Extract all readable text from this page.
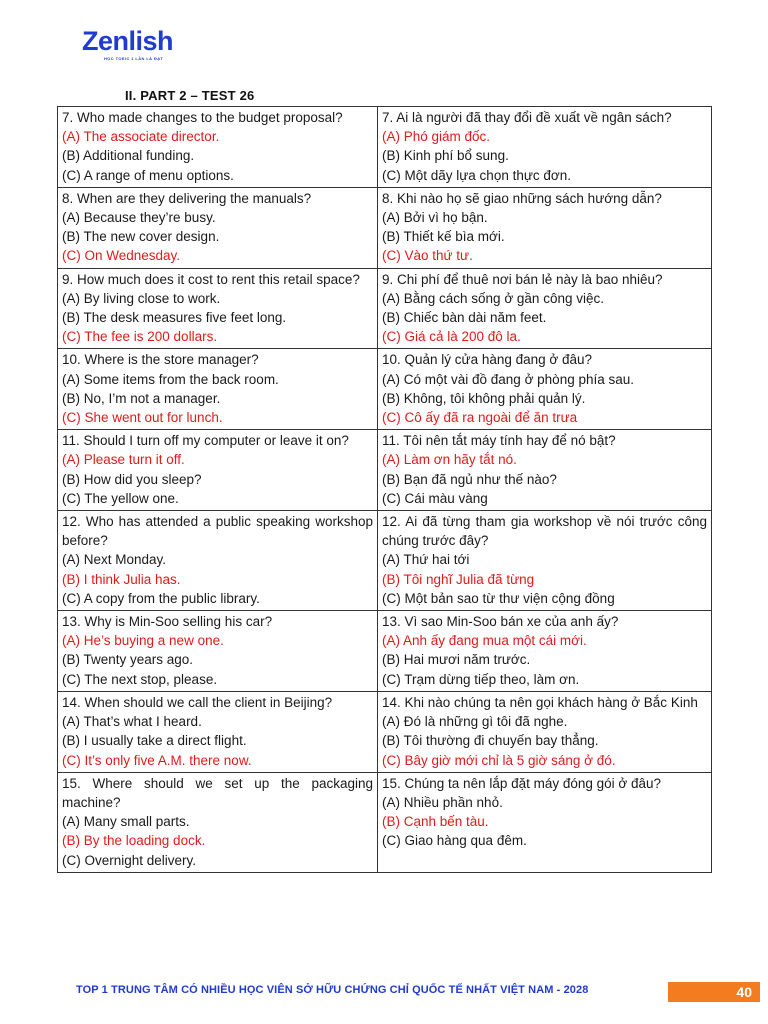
Zenlish
HỌC TOEIC 1 LẦN LÀ ĐẠT
II. PART 2 – TEST 26
7. Who made changes to the budget proposal?
(A) The associate director.
(B) Additional funding.
(C) A range of menu options.	7. Ai là người đã thay đổi đề xuất về ngân sách?
(A) Phó giám đốc.
(B) Kinh phí bổ sung.
(C) Một dãy lựa chọn thực đơn.

8. When are they delivering the manuals?
(A) Because they’re busy.
(B) The new cover design.
(C) On Wednesday.	8. Khi nào họ sẽ giao những sách hướng dẫn?
(A) Bởi vì họ bận.
(B) Thiết kế bìa mới.
(C) Vào thứ tư.

9. How much does it cost to rent this retail space?
(A) By living close to work.
(B) The desk measures five feet long.
(C) The fee is 200 dollars.	9. Chi phí để thuê nơi bán lẻ này là bao nhiêu?
(A) Bằng cách sống ở gần công việc.
(B) Chiếc bàn dài năm feet.
(C) Giá cả là 200 đô la.

10. Where is the store manager?
(A) Some items from the back room.
(B) No, I’m not a manager.
(C) She went out for lunch.	10. Quản lý cửa hàng đang ở đâu?
(A) Có một vài đồ đang ở phòng phía sau.
(B) Không, tôi không phải quản lý.
(C) Cô ấy đã ra ngoài để ăn trưa

11. Should I turn off my computer or leave it on?
(A) Please turn it off.
(B) How did you sleep?
(C) The yellow one.	11. Tôi nên tắt máy tính hay để nó bật?
(A) Làm ơn hãy tắt nó.
(B) Bạn đã ngủ như thế nào?
(C) Cái màu vàng

12. Who has attended a public speaking workshop before?
(A) Next Monday.
(B) I think Julia has.
(C) A copy from the public library.	12. Ai đã từng tham gia workshop về nói trước công chúng trước đây?
(A) Thứ hai tới
(B) Tôi nghĩ Julia đã từng
(C) Một bản sao từ thư viện cộng đồng

13. Why is Min-Soo selling his car?
(A) He’s buying a new one.
(B) Twenty years ago.
(C) The next stop, please.	13. Vì sao Min-Soo bán xe của anh ấy?
(A) Anh ấy đang mua một cái mới.
(B) Hai mươi năm trước.
(C) Trạm dừng tiếp theo, làm ơn.

14. When should we call the client in Beijing?
(A) That’s what I heard.
(B) I usually take a direct flight.
(C) It’s only five A.M. there now.	14. Khi nào chúng ta nên gọi khách hàng ở Bắc Kinh
(A) Đó là những gì tôi đã nghe.
(B) Tôi thường đi chuyến bay thẳng.
(C) Bây giờ mới chỉ là 5 giờ sáng ở đó.

15. Where should we set up the packaging machine?
(A) Many small parts.
(B) By the loading dock.
(C) Overnight delivery.	15. Chúng ta nên lắp đặt máy đóng gói ở đâu?
(A) Nhiều phần nhỏ.
(B) Cạnh bến tàu.
(C) Giao hàng qua đêm.
TOP 1 TRUNG TÂM CÓ NHIỀU HỌC VIÊN SỞ HỮU CHỨNG CHỈ QUỐC TẾ NHẤT VIỆT NAM - 2028	40
